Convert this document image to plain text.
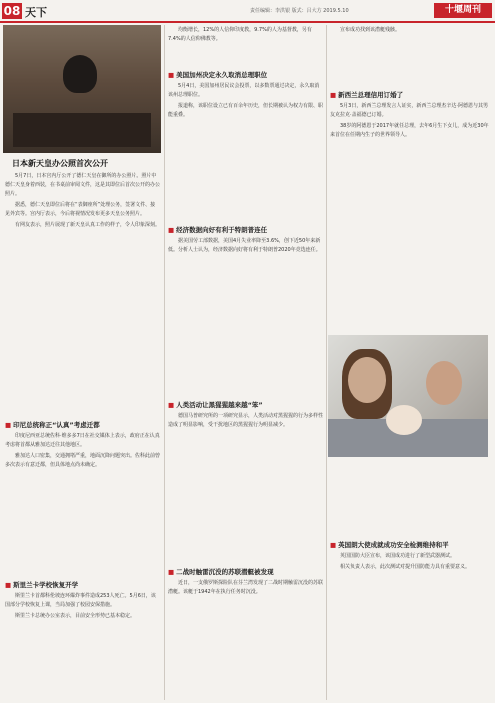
08 天下	责任编辑：李洪银 版式：吕大方 2019.5.10	十堰周刊
日本新天皇办公照首次公开

5月7日，日本宫内厅公开了德仁天皇在御所的办公照片。照片中德仁天皇身着西装，在书桌前审阅文件，这是其即位后首次公开的办公照片。

据悉，德仁天皇即位后将在“表御座所”处理公务，签署文件、接见外宾等。宫内厅表示，今后将视情况发布更多天皇公务照片。

有网友表示，照片展现了新天皇认真工作的样子，令人印象深刻。

■ 印尼总统称正“认真”考虑迁都

印度尼西亚总统佐科·维多多7日在社交媒体上表示，政府正在认真考虑将首都从雅加达迁往其他地区。

雅加达人口密集，交通拥堵严重，地面沉降问题突出。佐科此前曾多次表示有意迁都，但具体地点尚未确定。

■ 斯里兰卡学校恢复开学

斯里兰卡首都科伦坡连环爆炸事件造成253人死亡。5月6日，该国部分学校恢复上课，当局加强了校园安保措施。

斯里兰卡总统办公室表示，目前安全形势已基本稳定。

均衡增长，12%的人信仰印度教，9.7%的人为基督教，另有7.4%的人信仰佛教等。

■ 美国加州决定永久取消总理职位

5月4日，美国加州居民议会投票，以多数票通过决定，永久取消该州总理职位。

报道称，该职位设立已有百余年历史，但长期被认为权力有限、职能重叠。

■ 经济数据向好有利于特朗普连任

据美国劳工部数据，美国4月失业率降至3.6%，创下近50年来新低。分析人士认为，经济数据向好将有利于特朗普2020年竞选连任。

■ 人类活动让黑猩猩越来越“笨”

德国马普研究所的一项研究显示，人类活动对黑猩猩的行为多样性造成了明显影响，受干扰地区的黑猩猩行为明显减少。

■ 二战时触雷沉没的苏联潜艇被发现

近日，一支俄罗斯探险队在芬兰湾发现了二战时期触雷沉没的苏联潜艇。该艇于1942年在执行任务时沉没。

宣布成功找到该潜艇残骸。

■ 新西兰总理信用订婚了

5月3日，新西兰总理发言人证实，新西兰总理杰辛达·阿德恩与其男友克拉克·盖福德已订婚。

38岁的阿德恩于2017年就任总理，去年6月生下女儿，成为近30年来首位在任期内生子的世界领导人。

■ 英国朗大使成就成功安全检测维持和平

英国国防大臣宣布，该国成功进行了新型武器测试。

相关负责人表示，此次测试对提升国防能力具有重要意义。
